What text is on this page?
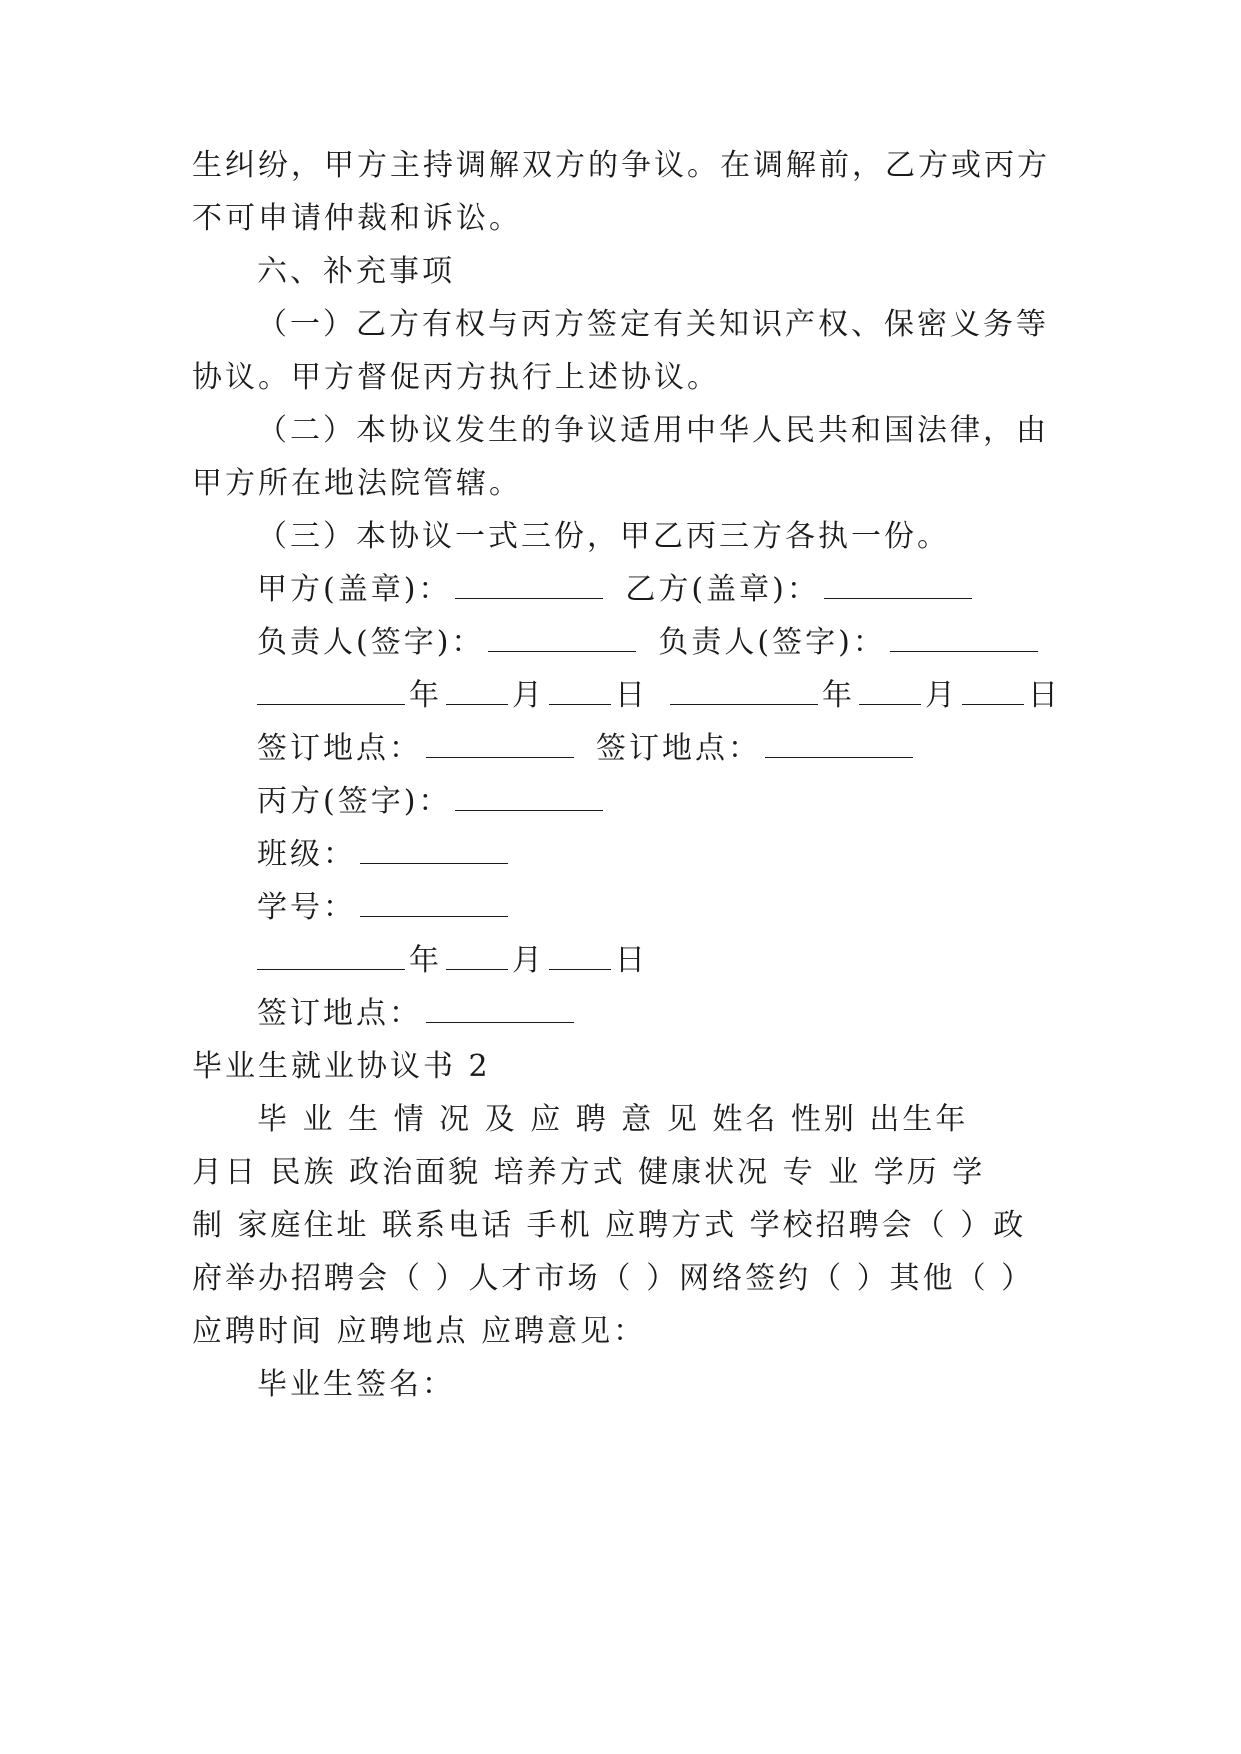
生纠纷，甲方主持调解双方的争议。在调解前，乙方或丙方
不可申请仲裁和诉讼。
六、补充事项
（一）乙方有权与丙方签定有关知识产权、保密义务等
协议。甲方督促丙方执行上述协议。
（二）本协议发生的争议适用中华人民共和国法律，由
甲方所在地法院管辖。
（三）本协议一式三份，甲乙丙三方各执一份。
甲方(盖章)：	乙方(盖章)：
负责人(签字)：	负责人(签字)：
年 月 日	年 月 日
签订地点：	签订地点：
丙方(签字)：
班级：
学号：
年 月 日
签订地点：
毕业生就业协议书 2
毕 业 生 情 况 及 应 聘 意 见 姓名 性别 出生年
月日 民族 政治面貌 培养方式 健康状况 专 业 学历 学
制 家庭住址 联系电话 手机 应聘方式 学校招聘会（ ）政
府举办招聘会（ ）人才市场（ ）网络签约（ ）其他（ ）
应聘时间 应聘地点 应聘意见：
毕业生签名：
